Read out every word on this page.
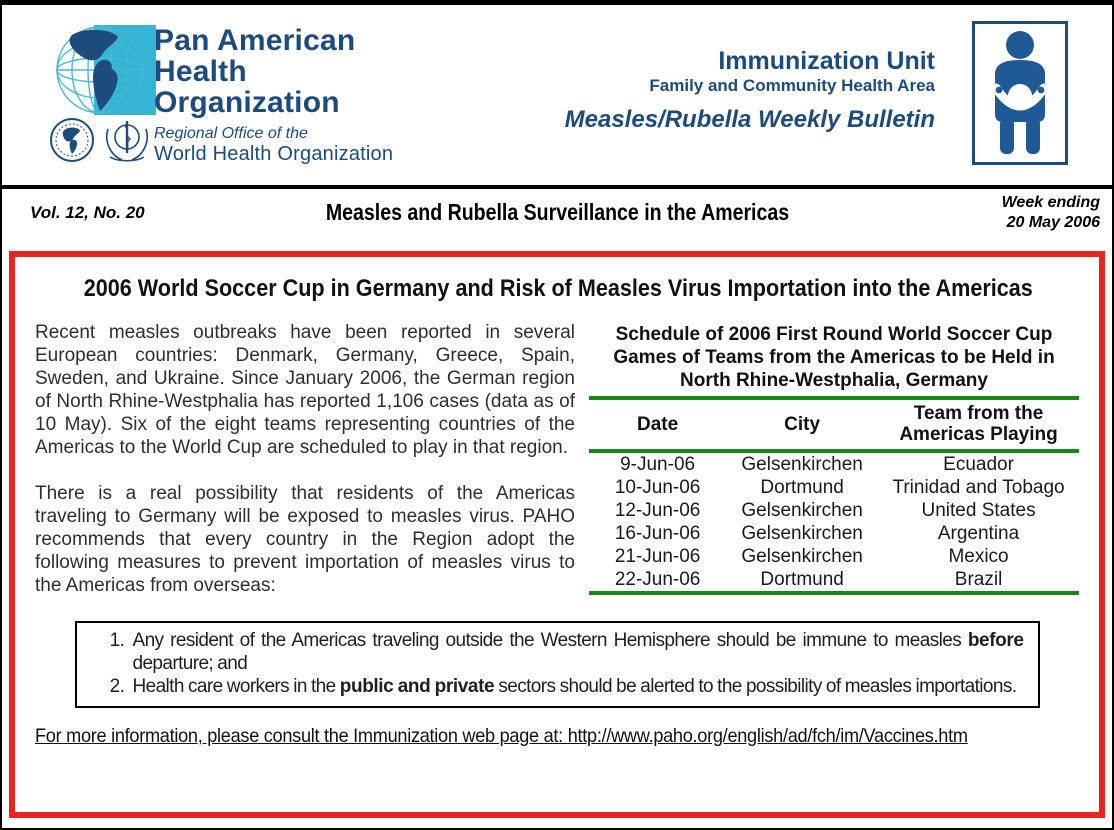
Pan American
Health
Organization
Regional Office of the
World Health Organization
Immunization Unit
Family and Community Health Area
Measles/Rubella Weekly Bulletin
Vol. 12, No. 20	Measles and Rubella Surveillance in the Americas	Week ending
20 May 2006
2006 World Soccer Cup in Germany and Risk of Measles Virus Importation into the Americas

Recent measles outbreaks have been reported in several European countries: Denmark, Germany, Greece, Spain, Sweden, and Ukraine. Since January 2006, the German region of North Rhine-Westphalia has reported 1,106 cases (data as of 10 May). Six of the eight teams representing countries of the Americas to the World Cup are scheduled to play in that region.

There is a real possibility that residents of the Americas traveling to Germany will be exposed to measles virus. PAHO recommends that every country in the Region adopt the following measures to prevent importation of measles virus to the Americas from overseas:

Schedule of 2006 First Round World Soccer Cup Games of Teams from the Americas to be Held in North Rhine-Westphalia, Germany
Date	City	Team from the Americas Playing
9-Jun-06	Gelsenkirchen	Ecuador
10-Jun-06	Dortmund	Trinidad and Tobago
12-Jun-06	Gelsenkirchen	United States
16-Jun-06	Gelsenkirchen	Argentina
21-Jun-06	Gelsenkirchen	Mexico
22-Jun-06	Dortmund	Brazil
1. Any resident of the Americas traveling outside the Western Hemisphere should be immune to measles before departure; and
2. Health care workers in the public and private sectors should be alerted to the possibility of measles importations.
For more information, please consult the Immunization web page at: http://www.paho.org/english/ad/fch/im/Vaccines.htm
